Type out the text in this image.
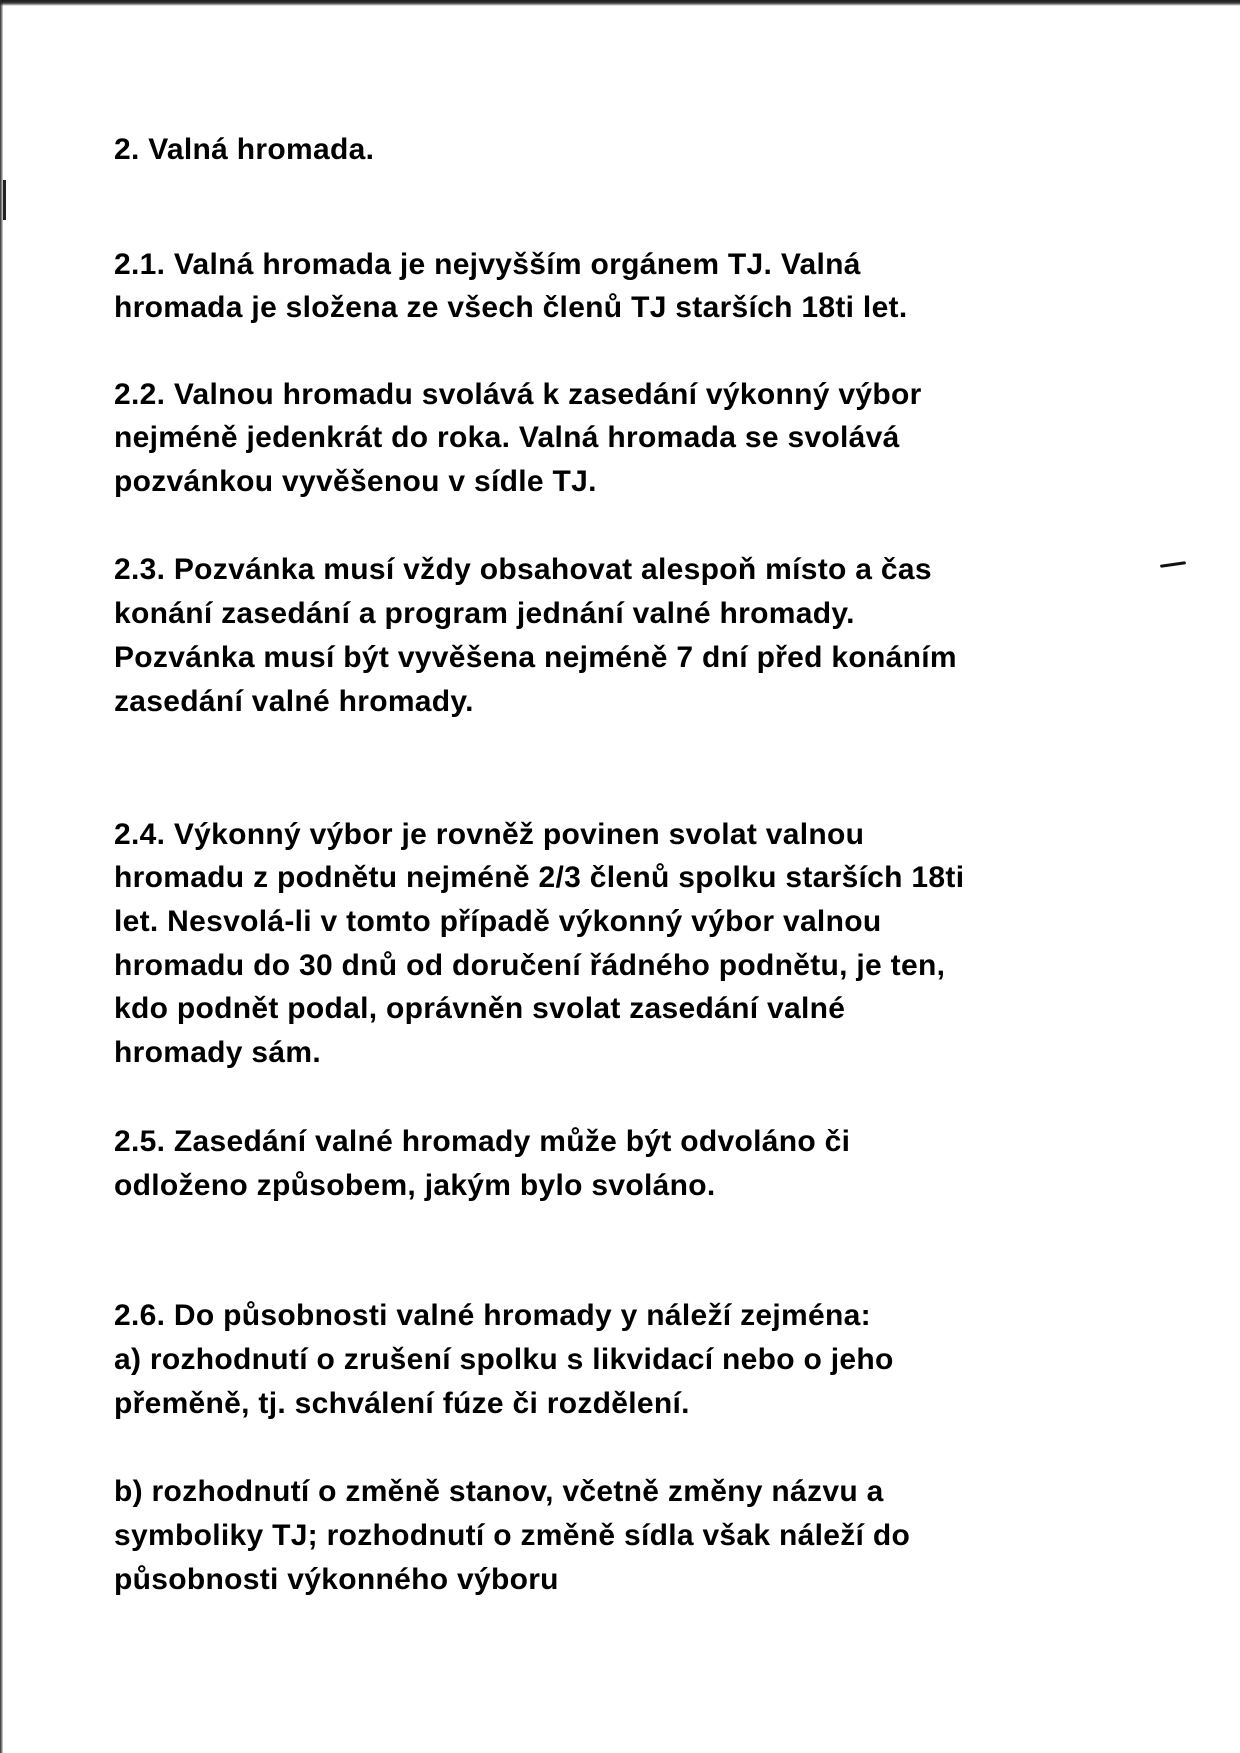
2. Valná hromada.
2.1. Valná hromada je nejvyšším orgánem TJ. Valná
hromada je složena ze všech členů TJ starších 18ti let.
2.2. Valnou hromadu svolává k zasedání výkonný výbor
nejméně jedenkrát do roka. Valná hromada se svolává
pozvánkou vyvěšenou v sídle TJ.
2.3. Pozvánka musí vždy obsahovat alespoň místo a čas
konání zasedání a program jednání valné hromady.
Pozvánka musí být vyvěšena nejméně 7 dní před konáním
zasedání valné hromady.
2.4. Výkonný výbor je rovněž povinen svolat valnou
hromadu z podnětu nejméně 2/3 členů spolku starších 18ti
let. Nesvolá-li v tomto případě výkonný výbor valnou
hromadu do 30 dnů od doručení řádného podnětu, je ten,
kdo podnět podal, oprávněn svolat zasedání valné
hromady sám.
2.5. Zasedání valné hromady může být odvoláno či
odloženo způsobem, jakým bylo svoláno.
2.6. Do působnosti valné hromady y náleží zejména:
a) rozhodnutí o zrušení spolku s likvidací nebo o jeho
přeměně, tj. schválení fúze či rozdělení.
b) rozhodnutí o změně stanov, včetně změny názvu a
symboliky TJ; rozhodnutí o změně sídla však náleží do
působnosti výkonného výboru
